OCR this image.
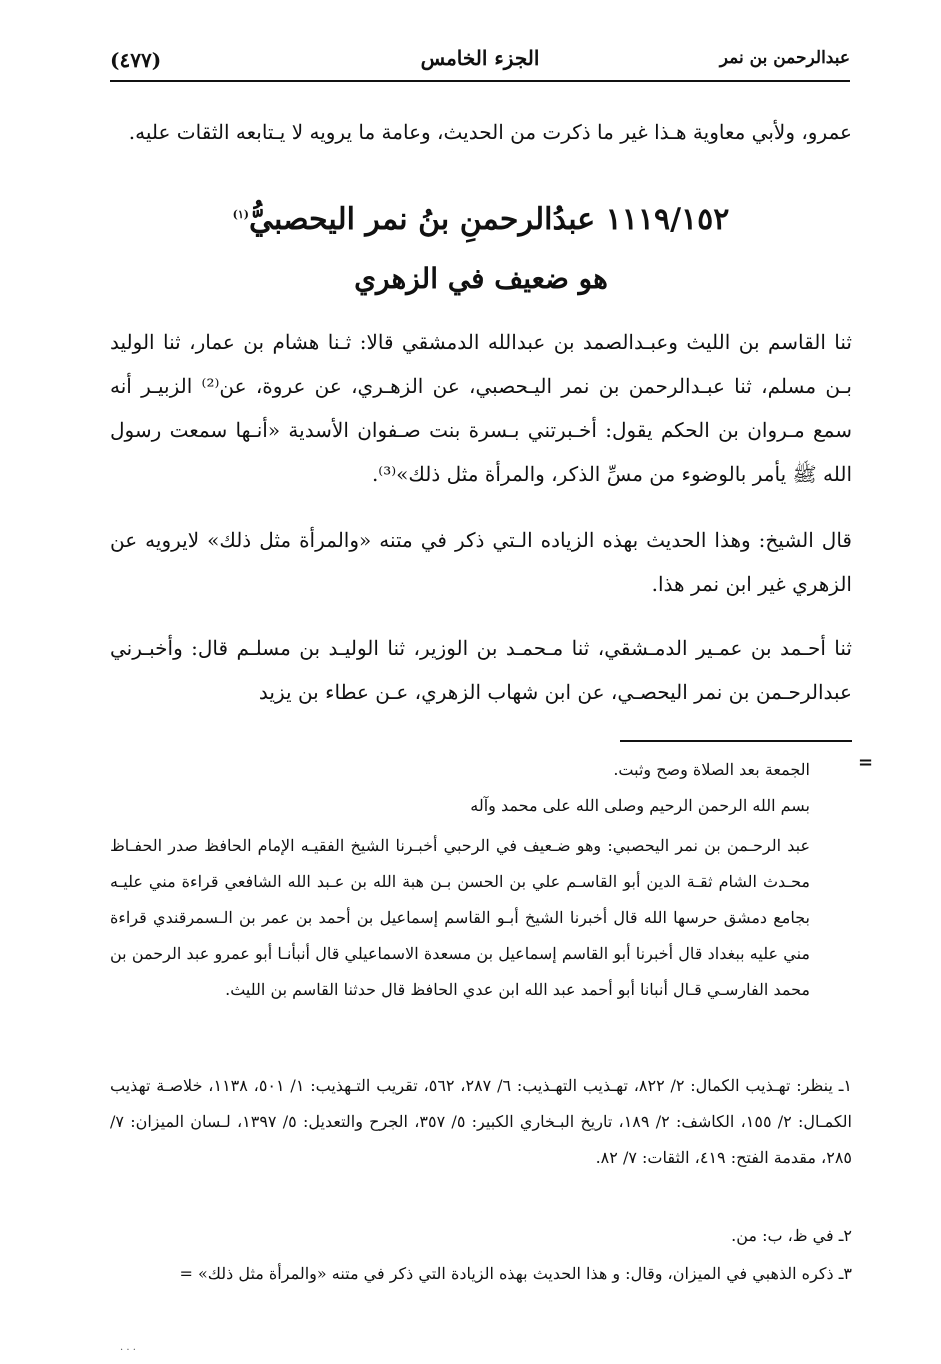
(٤٧٧)	الجزء الخامس	عبدالرحمن بن نمر
عمرو، ولأبي معاوية هـذا غير ما ذكرت من الحديث، وعامة ما يرويه لا يـتابعه الثقات عليه.
١١١٩/١٥٢ عبدُالرحمنِ بنُ نمر اليحصبيُّ$^{(١)}$
هو ضعيف في الزهري
ثنا القاسم بن الليث وعبـدالصمد بن عبدالله الدمشقي قالا: ثـنا هشام بن عمار، ثنا الوليد بـن مسلم، ثنا عبـدالرحمن بن نمر اليـحصبي، عن الزهـري، عن عروة، عن⁽²⁾ الزبيـر أنه سمع مـروان بن الحكم يقول: أخـبرتني بـسرة بنت صـفوان الأسدية «أنـها سمعت رسول الله ﷺ يأمر بالوضوء من مسِّ الذكر، والمرأة مثل ذلك»⁽³⁾.
قال الشيخ: وهذا الحديث بهذه الزياده الـتي ذكر في متنه «والمرأة مثل ذلك» لايرويه عن الزهري غير ابن نمر هذا.
ثنا أحـمد بن عمـير الدمـشقي، ثنا مـحمـد بن الوزير، ثنا الوليـد بن مسلـم قال: وأخبـرني عبدالرحـمن بن نمر اليحصـي، عن ابن شهاب الزهري، عـن عطاء بن يزيد
=
الجمعة بعد الصلاة وصح وثبت.
بسم الله الرحمن الرحيم وصلى الله على محمد وآله
عبد الرحـمن بن نمر اليحصبي: وهو ضـعيف في الرحبي أخبـرنا الشيخ الفقيـه الإمام الحافظ صدر الحفـاظ محـدث الشام ثقـة الدين أبو القاسـم علي بن الحسن بـن هبة الله بن عـبد الله الشافعي قراءة مني عليـه بجامع دمشق حرسها الله قال أخبرنا الشيخ أبـو القاسم إسماعيل بن أحمد بن عمر بن الـسمرقندي قراءة مني عليه ببغداد قال أخبرنا أبو القاسم إسماعيل بن مسعدة الاسماعيلي قال أنبأنـا أبو عمرو عبد الرحمن بن محمد الفارسـي قـال أنبانا أبو أحمد عبد الله ابن عدي الحافظ قال حدثنا القاسم بن الليث.
١ـ ينظر: تهـذيب الكمال: ٢/ ٨٢٢، تهـذيب التهـذيب: ٦/ ٢٨٧، ٥٦٢، تقريب التـهذيب: ١/ ٥٠١، ١١٣٨، خلاصـة تهذيب الكمـال: ٢/ ١٥٥، الكاشف: ٢/ ١٨٩، تاريخ البـخاري الكبير: ٥/ ٣٥٧، الجرح والتعديل: ٥/ ١٣٩٧، لـسان الميزان: ٧/ ٢٨٥، مقدمة الفتح: ٤١٩، الثقات: ٧/ ٨٢.
٢ـ في ظ، ب: من.
٣ـ ذكره الذهبي في الميزان، وقال: و هذا الحديث بهذه الزيادة التي ذكر في متنه «والمرأة مثل ذلك» =
. . .
